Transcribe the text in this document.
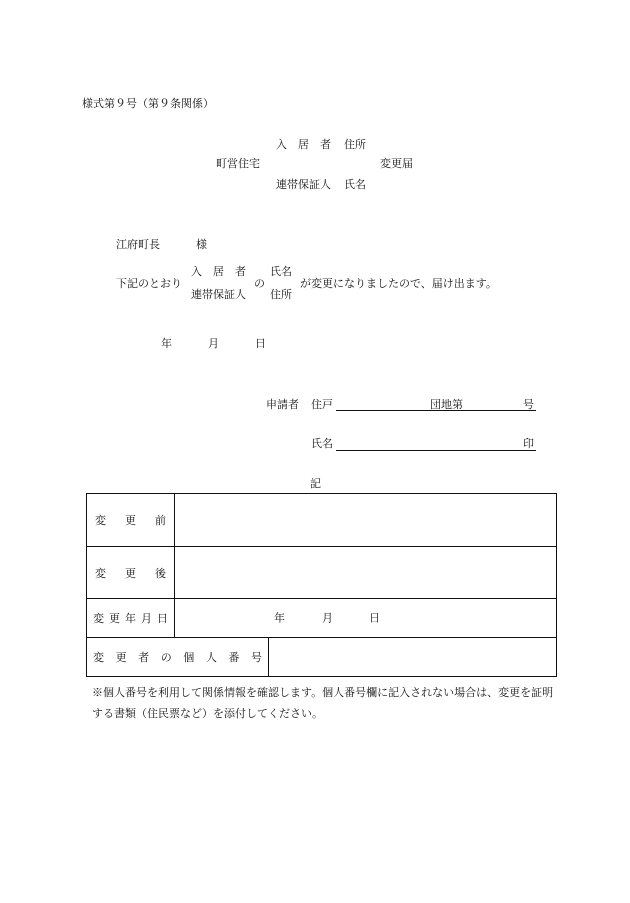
様式第９号（第９条関係）
入　居　者 住所
町営住宅	変更届
連帯保証人 氏名
江府町長	様
下記のとおり
入　居　者
連帯保証人
の
氏名
住所
が変更になりましたので、届け出ます。
年	月	日
申請者 住戸	団地第	号
氏名	印
記
変更前		
変更後		
変更年月日	年 月 日	

変更者の個人番号		
※個人番号を利用して関係情報を確認します。個人番号欄に記入されない場合は、変更を証明する書類（住民票など）を添付してください。
